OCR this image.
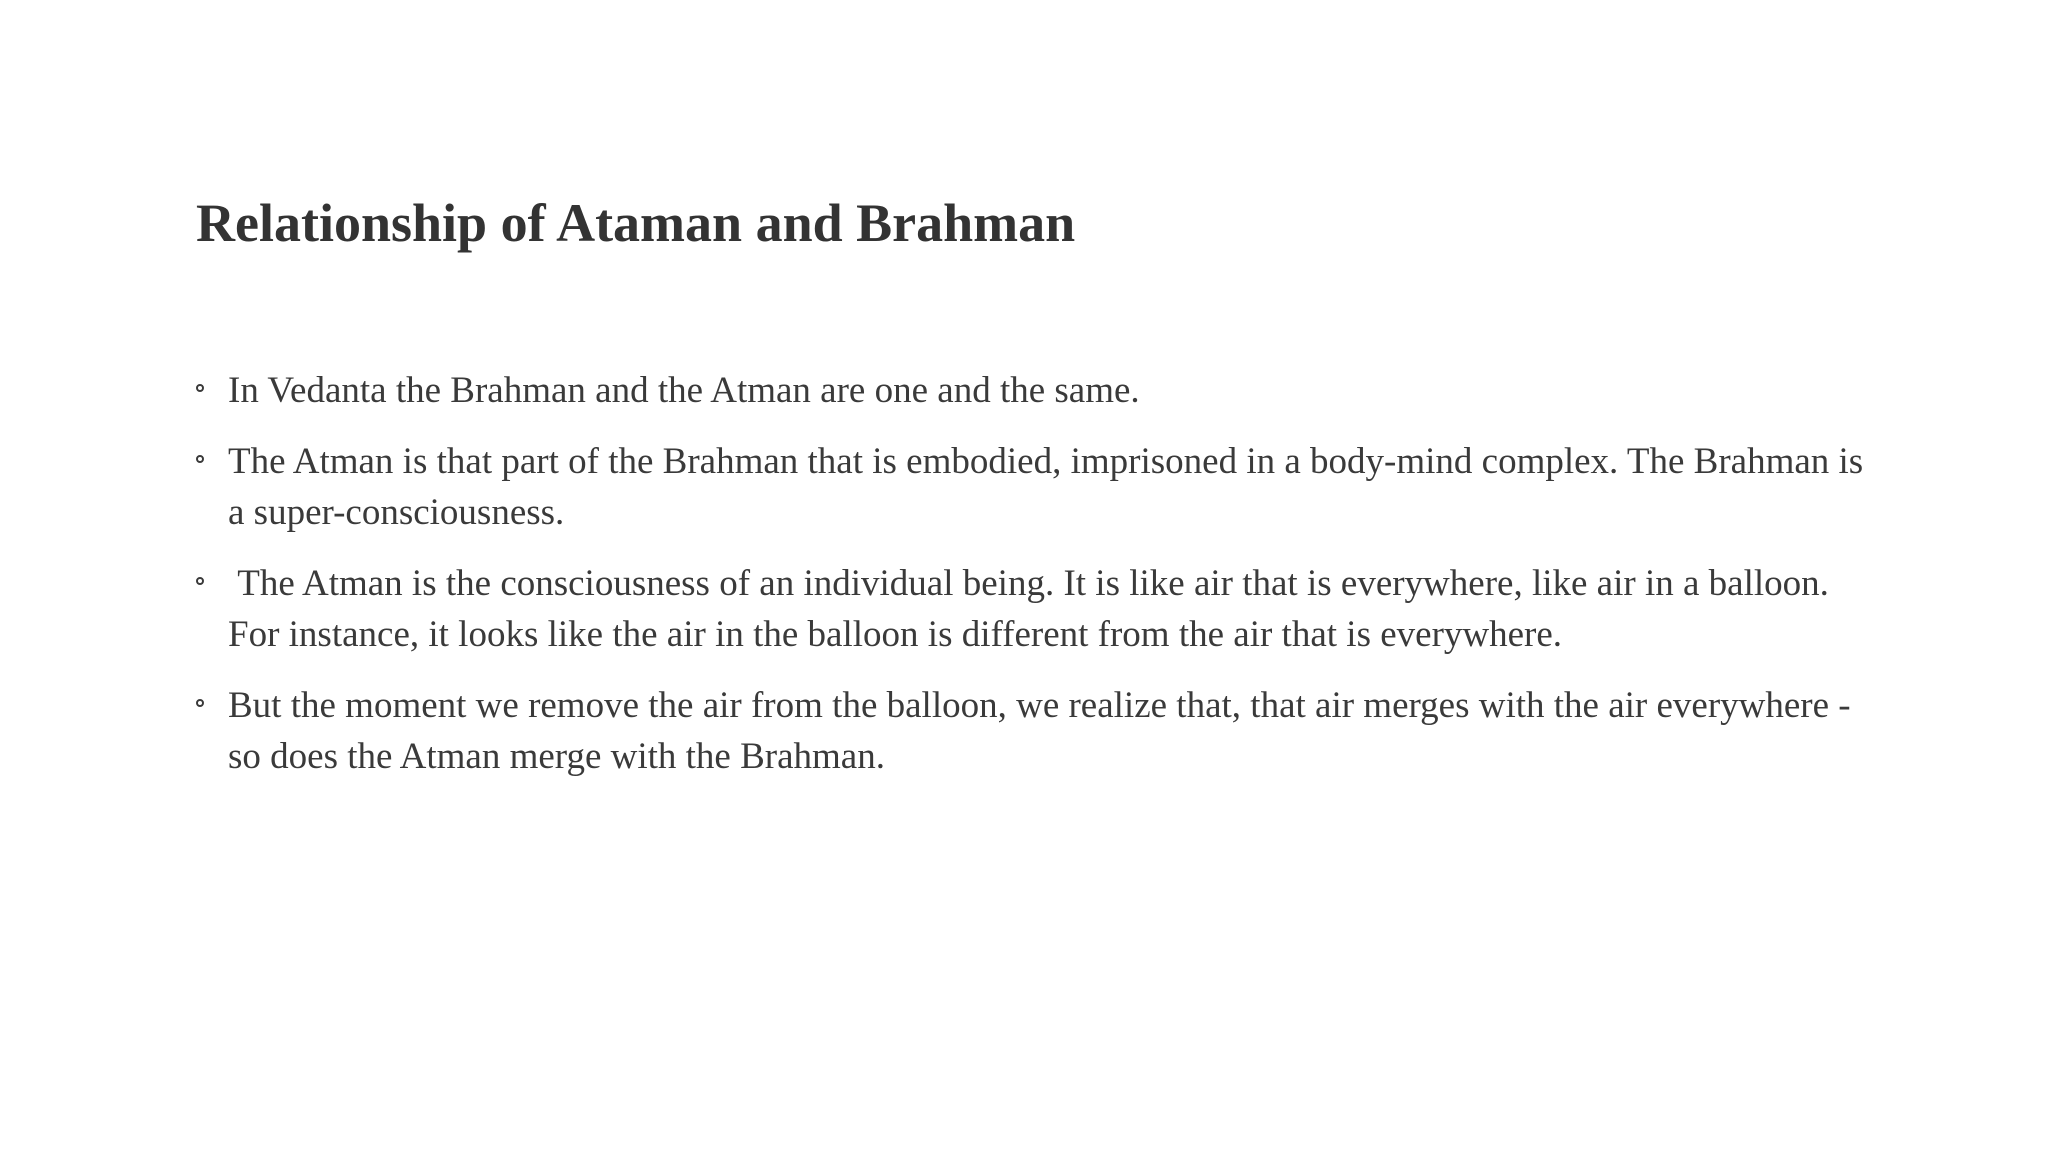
Relationship of Ataman and Brahman
In Vedanta the Brahman and the Atman are one and the same.
The Atman is that part of the Brahman that is embodied, imprisoned in a body-mind complex. The Brahman is a super-consciousness.
The Atman is the consciousness of an individual being. It is like air that is everywhere, like air in a balloon. For instance, it looks like the air in the balloon is different from the air that is everywhere.
But the moment we remove the air from the balloon, we realize that, that air merges with the air everywhere - so does the Atman merge with the Brahman.
